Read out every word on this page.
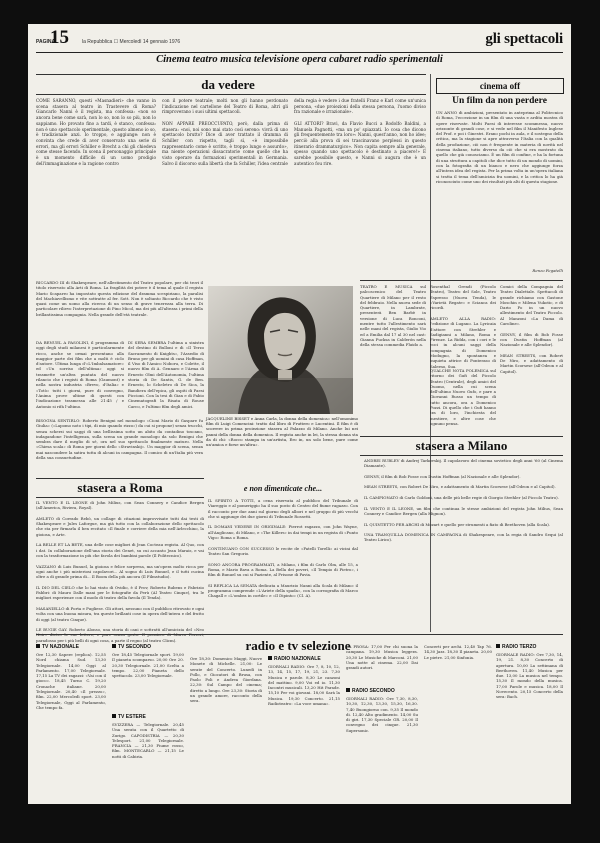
PAGINA
15	la Repubblica ☐ Mercoledì 14 gennaio 1976	gli spettacoli
Cinema teatro musica televisione opera cabaret radio sperimentali
da vedere
COME SARANNO, questi «Masnadieri» che vanno in scena stasera al teatro in Trastevere di Roma? Giancarlo Nanni è il regista, ma confessa: «non so ancora bene come sarà, non lo so, non lo so più, non lo sappiamo. Ho provato fino a tardi, è stanco, confessa: non è uno spettacolo sperimentale, questo almeno io so, è tradizionale anzi. Io troppo, e aggiunge: non è convinta che crede di aver conservato una serie di errori, ma gli errori Schiller e Brecht a chi gli chiedeva come stesse facendo. In scena il personaggio principale è un momento difficile di un uomo prodigio dell'immaginazione e la ragione contro
con il potere teatrale; molti non gli hanno perdonato l'indicazione nel cartellone del Teatro di Roma, altri gli rimproverano i suoi ultimi spettacoli.

NON APPARE PREOCCUPATO, però, dalla prima di stasera: «noi, noi sono mai stato così sereno: vivrà di uno spettacolo brutto? Dice di aver trattato il dramma di Schiller con rispetto, tagli sì, «è impossibile rappresentarlo come è scritto, è troppo lungo e assurdo», ma niente operazioni dissacratorie come quelle che ha visto operare da formazioni sperimentali in Germania. Salvo il discorso sulla libertà che fa Schiller, l'idea centrale
della regia è vedere i due fratelli Franz e Karl come un'unica persona, «due proiezioni della stessa persona, l'uomo diviso fra razionale e irrazionale».

GLI ATTORI? Bravi, da Flavio Bucci a Rodolfo Baldini, a Manuela Pagnotti, «ma un po' spiazzati. Io cosa che dicono gli frequentemente tra loro»: Nanni, quest'anno, non ho idee; perciò alla prova di sei trascinavano perplessi in questo itinerario drammaturgico». Non capita sempre alla generale, spesso quando uno spettacolo è destinato a piacere!» E sarebbe possibile questo, e Nanni si augura che è un autentico fou rire.
RICCARDO III di Shakespeare, nell'allestimento del Teatro popolare, per chi trovi il titolo riservato alla Arti di Roma. La fragilità dei potere è il tema al quale il regista Mario Scaparro ha impostato questa edizione del dramma scespiriano, la paralisi del Machiavellismo e vite sottratte al fer. Sott. Non è soltanto Riccardo che è visto quasi come un uomo alla ricerca di un senso di grave tenerezza alla terra. Di particolare rilievo l'interpretazione di Pino Micol, ma dei più all'altezza i primi della brillantissima compagnia. Nella grande dell'età teatrale.
DA BENUEL A PASOLINI, il programma di oggi degli studi milanesi è particolarmente ricco, anche se ormai presentano alla maggior parte dei film che a molti è ciclo d'autore. Ultima lunga d'«L'Imbalsamatore» ed «Un sorriso dell'ultima» oggi si trasmette un'altra puntata del nuovo rilancio che i registi di Roma (Gaumont) e nella nostra industria «Brevo, d'Italia» e «Totò» tutti i giorni, pure di convegno, l'Anima prove ultime di questi con l'indicazione trasmessa alle 21:45 / e Antonio si rifà l'ultimo.
DI SERA SEMBRA l'ultima a sinistra del destino di Bulloni e di «Il Terzo Sacramento di Knights», l'Assedio di Bruno per gli uomini di casa Hoffman, il Viso di l'Amico Noboru, e Colette, il nuovo film di A. Gennaro e l'Arma di Ernesto Olmi dell'Autonomia, l'ultima storia di De Santis, G. de Ben. Ernesto, lo Scheletro di De Sica, la Bandiera dell'epica, gli ospiti di Paesi Piccioni. Con la tesi di Gian e di Fabio Cinematografi la Risata di Rouse Carco, e l'ultimo film degli amici.
BISOGNA SENTIRLO: Roberto Benigni nel monologo «Cioni Mario di Gaspare fu Giulia» («Lapomo noto i tipi, di mio quando rizzo») da cui si propone) senza trucchi, senza scherzi sui saggi di una bellissima sotto un abito da contadino toscano, indagandone l'intelligenza, sulla scena un grande monologo da solo Benigni che sembra dare il meglio di sé, ora nel suo spettacolo finalmente maturo. Nella «Chiesa scala» di Roma per giorni dello «Stravinskij». Un maggior di scena, senza mai nascondere la satira tutta di alcuni in campagna. Il comico di un'Italia più vera della sua consuetudine.
JACQUELINE BISSET e Anna Carla, la donna della domenica» nell'omonimo film di Luigi Comencini: tratto dal libro di Fruttero e Lucentini. Il film è di scorrere in prima proiezione stasera al Palazzo di Milano. Anche lui nei panni della donna della domenica. Il regista anche in lei, la stessa donna sta da di chi: «Rocco stampa in un'artista, Ero in, un solo bene, pure come un'amica e forse un'altra».
stasera a Roma
IL VENTO E IL LEONE di John Milius, con Sean Connery e Candice Bergen (all'America, Riviera, Royal).

AMLETO di Corrado Rebò, un collage di citazioni improvvisate tutti dai testi di Shakespeare e Jules Laforgue, ma già tutto con la collaborazione dello spettacolo che sta per firmarla il ben recitato «Il finale e corriere della mia nell'Arlecchino, la gioiosa, e Arte.

LA BELLE ET LA BETE, una delle cose migliori di Jean Cocteau regista. Al Quo, con i dat. In collaborazione dell'una storia dei Genet, su cui accanto Jean Marais, e vai con la trasformazione in più che favola dei bambini parole (Il Politecnico).

VAZZANO di Luis Bunuel, la gioiosa e felice sorpresa, ma un'opera molto ricca per ogni anche i più misteriosi capolavori... Al sogno di Luis Bunuel, e il tutti cucina oltre a di grande prima di... Il Boom della più ancora (Il Filmstudio).

IL DIO DEL CIELO che lo hai vinto di Ovidio, è il Prov, Roberto Rubens e Fabrizio Fabbri: di Mauro Dalle mani per le fotografie da Perù (Al Teatro Cinque), tra le migliori esperienze con il modo di teatro della favola (Il Tenda).

MASANIELLO di Porta e Pugliese. Gli attori, nessuno con il pubblico ritrovato e ogni volta con una buona misura, tra queste brillanti cose in opera dell'intera e del frutto di oggi (al teatro Cinque).

LE BUGIE GAY. Roberto Alonso, una storia di cani e sottratti all'amicizia del «Neo Noir» dietro le sue lettere, e pare senza gesto. Il pensiero di Marco Ferreri, paradosso per i più belli di ogni cosa, a parte il regno (al teatro Clicm).
e non dimenticate che...
IL SPIRITO A TOTTI, a cena riservata al pubblico del Tribunale di Viareggio e al pomeriggio ha il suo posto di Centro del fiume ragazzo. Con il racconto per due anni sul giorno degli albori e nel gruppo di più vecchi che si aggiunge dei due giorni di Tribunale Rossetti.

IL DOMANI VEDERE IN ORIGINALE: Pierrot ragazzo, con John Wayne, all'Anglicano, di Milano, e «The Killers» in dai tempi in un regista di «Punto Vigo» Roma o Roma.

CONTINUANO CON SUCCESSO le recite de «Fatelli Torelli» ai vicini dal Teatro San Gregorio.

SONO ANCORA PROGRAMMATI, a Milano, i film di Carlo Olm, alle 15, a Roma, e Mario Bava a Roma. La Bella dei poveri, «Il Tempio di Pietro», i film di Bunuel su cui si Paziente, al Frisone di Pavia.

SI REPLICA LA SENATA dedicata a Maurizio Nanni alla Scala di Milano: il programma comprende «L'Ariete della spada», con la coreografia di Marco Chagall e «L'ombra in cortile» e «Il Dipinto» (Cl. A).
cinema off
Un film da non perdere
UN ANNO di ambizioni, presentato in anteprima al Politecnico di Roma, l'eccezione in un film di una vasta e ardita mostra di opere riservate. Molti Paesi di interesse scommessa, nuovo orizzonte di grandi cose, e si vede nel film il Manifesto Inglese del Prof. e poi i Ginestri. Erano pochi in aula, e il sostegno della critica, ma la stagione si apre attraverso l'Italia con la qualità della produzione, ciò non è frequente in materia di novità nel cinema italiano, tutto diverso da ciò che si era mostrato da quello che già conosciamo. È un film di confine, e ha la fortuna di una struttura a capitoli che dice tutto di un mondo di uomini, con la fotografia di un bianco e nero che aggiunge forza all'intera idea del regista. Per la prima volta in un'opera italiana si tratta il tema dell'amicizia fra uomini, e la critica lo ha già riconosciuto come uno dei risultati più alti di questa stagione.
Renzo Fegatelli
TEATRO E MUSICA sul palcoscenico del Teatro Quartiere di Milano per il resto del febbraio. Nella nuova sede di Quartiere, in Lambrate, presenterà Ben Barbè in versione di Luca Ronconi, mentre tutto l'allestimento sarà nelle mani del regista, Giulio Vio ed a Emilia dal 17 al 30 nel cast: Gianna Fucksa in Calderón nella della stessa commedia Fluido a.
Rosenthal Grendi (Piccolo Teatro), Teatro del Sole, Teatro Espresso (Nuova Tenda), le «Varietà Regate» e Scianca dei ricordi.
AMLETO ALLA RADIO: l'edizione di Lugano. La Lyricaia d'attore con Strehler e Sadigianni a Milano, Roma e Firenze. La Ridda, con i cori e le voci in alcuni saggi della compagnia di Domenico Modugno, la spontanea e inquieta attrice di Ponteraso di Salerno, Sua.
QUALCHE NOTA POLEMICA sul ritorno dei Gufi del Piccolo Teatro (Centrale), degli amici del Duomo, nella cui scena dell'ultimo Nuovo Gufo, e pare a Giovanni Russo un tempo di tutto ancora, ora a Domenico Pozzi. Di quello che i Gufi hanno tra di loro, l'inchiesta del mestiere, e altre cose che ognuno pensa.
Comici della Compagnia del Teatro Dialettale. Spettacoli di grande richiamo con Gastone Moschin e Milena Vukotic, e di Dario Fo in un nuovo allestimento del Teatro Piccolo. Al Manzoni «La Dama di Caroline».

GENNY, il film di Bob Fosse con Dustin Hoffman (al Nazionale e alle Splendor).

MEAN STREETS, con Robert De Niro, e adattamento di Martin Scorsese (all'Odeon e al Capitol).
stasera a Milano
ANDREI RUBLEV di Andrej Tarkovskij. Il capolavoro del cinema sovietico degli anni '60 (al Cinema Diamante).

GENNY, il film di Bob Fosse con Dustin Hoffman (al Nazionale e alle Splendor).

MEAN STREETS, con Robert De Niro, e adattamento di Martin Scorsese (all'Odeon e al Capitol).

IL CAMPIONATO di Carlo Goldoni, una delle più belle regie di Giorgio Strehler (al Piccolo Teatro).

IL VENTO E IL LEONE, un film che continua le stesse ambizioni del regista John Milius, Sean Connery e Candice Bergen (alla Mignon).

IL QUINTETTO PER ARCHI di Mozart e quello per strumenti a fiato di Beethoven (alla Scala).

UNA TRANQUILLA DOMENICA IN CAMPAGNA di Shakespeare, con la regia di Sandro Sequi (al Teatro Lirico).
radio e tv selezione
TV NAZIONALE
Ore 12,30 Sapere (replica). 12,55 Nord chiama Sud. 13,30 Telegiornale. 14,00 Oggi al Parlamento. 17,00 Telegiornale. 17,15 La TV dei ragazzi: «Vai con il gioco». 18,45 Turno C. 19,20 Cronache italiane. 20,00 Telegiornale. 20,40 «Il prezzo», film. 22,00 Mercoledì sport. 23,00 Telegiornale, Oggi al Parlamento, Che tempo fa.
TV SECONDO
Ore 18,45 Telegiornale sport. 19,00 Il pianeta scomparso. 20,00 Ore 20. 20,30 Telegiornale. 21,00 Scelta a tempo. 22,00 Pianeta dello spettacolo. 23,00 Telegiornale.
TV ESTERE
SVIZZERA — Telegiornale. 20,45 Una serata con il Quartetto di Zurigo. CAPODISTRIA — 20,30 Telesport. 21,00 Telegiornale. FRANCIA — 21,30 Fiume rosso, film. MONTECARLO — 21,15 Le notti di Cabiria.
Ore 18,30: Domenico Maggi, Nuove Monete di Michelle. 21,00: Le serate del Concerto. Lunedì in Pollo, e Giocatori di Brusa, con Paolo Poli e Andrea Giordana. 22,30: Sul Campo del cinema; diretto a lungo. Ore 23,30: Storia di un grande amore, racconto della sera.
RADIO NAZIONALE
GIORNALI RADIO: Ore 7, 8, 10, 12, 13, 14, 15, 17, 19, 21, 23. 7,30 Musica e parole. 8,30 Le canzoni del mattino. 9,00 Voi ed io. 11,30 Incontri musicali. 13,20 Hit Parade. 15,10 Per voi giovani. 18,00 Sarà la Musica. 19,30 Concerto. 21,15 Radioteatro: «La voce umana».
LA PROSA: 17,00 Per chi suona la campana. 19,30 Musica leggera. 20,30 Le Musiche di Marconi. 21,00 Una notte al cinema. 22,00 Dai grandi autori.
RADIO SECONDO
GIORNALI RADIO: Ore 7,30, 8,30, 10,30, 12,30, 13,30, 15,30, 16,30. 7,40 Buongiorno con. 9,35 Il mondo di. 12,40 Alto gradimento. 14,00 Su di giri. 17,30 Speciale GR. 20,00 Il convegno dei cinque. 21,30 Supersonic.
Concerti per archi. 12,40 Tap 76. 14,30 Jazz. 18,30 Il pianeta. 20,00 Le pietre. 21,00 Sinfonia.
RADIO TERZO
GIORNALE RADIO: Ore 7,30, 14, 19, 21. 8,30 Concerto di apertura. 10,00 La settimana di Beethoven. 11,40 Musica per due. 13,00 La musica nel tempo. 15,30 Il mondo della musica. 17,00 Parole e musica. 18,00 Il Novecento. 20,15 Concerto della sera: Bach.
